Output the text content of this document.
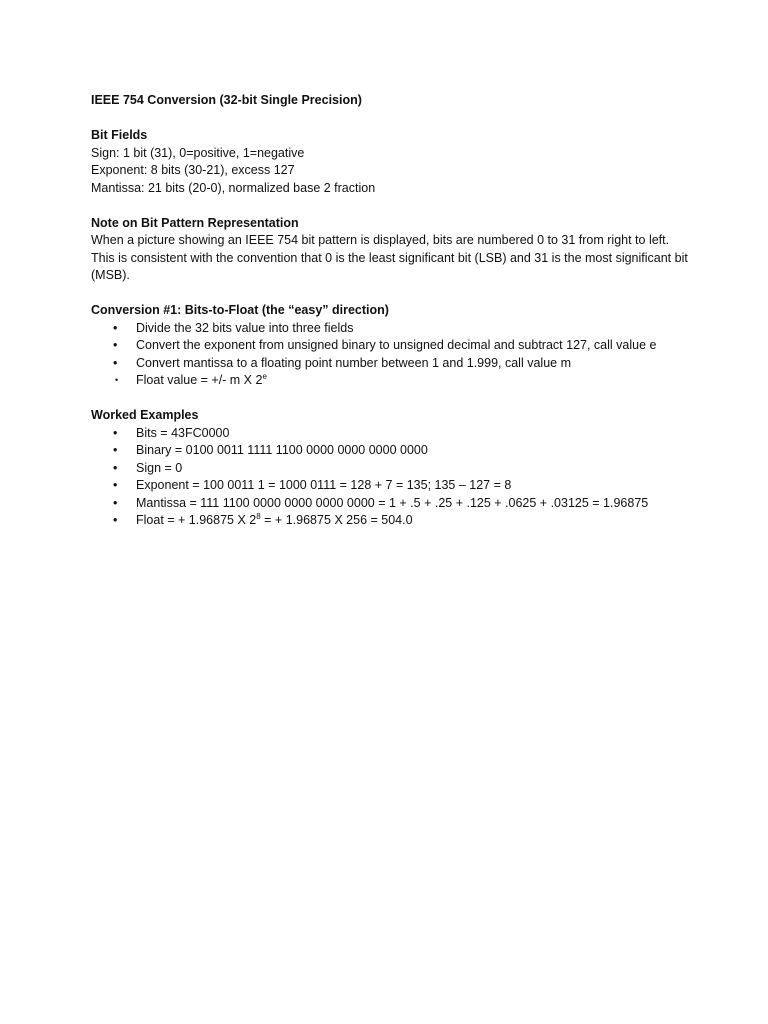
IEEE 754 Conversion (32-bit Single Precision)
Bit Fields
Sign: 1 bit (31), 0=positive, 1=negative
Exponent: 8 bits (30-21), excess 127
Mantissa: 21 bits (20-0), normalized base 2 fraction
Note on Bit Pattern Representation
When a picture showing an IEEE 754 bit pattern is displayed, bits are numbered 0 to 31 from right to left. This is consistent with the convention that 0 is the least significant bit (LSB) and 31 is the most significant bit (MSB).
Conversion #1: Bits-to-Float (the “easy” direction)
• Divide the 32 bits value into three fields
• Convert the exponent from unsigned binary to unsigned decimal and subtract 127, call value e
• Convert mantissa to a floating point number between 1 and 1.999, call value m
• Float value = +/- m X 2e
Worked Examples
• Bits = 43FC0000
• Binary = 0100 0011 1111 1100 0000 0000 0000 0000
• Sign = 0
• Exponent = 100 0011 1 = 1000 0111 = 128 + 7 = 135; 135 – 127 = 8
• Mantissa = 111 1100 0000 0000 0000 0000 = 1 + .5 + .25 + .125 + .0625 + .03125 = 1.96875
• Float = + 1.96875 X $2^8$ = + 1.96875 X 256 = 504.0
